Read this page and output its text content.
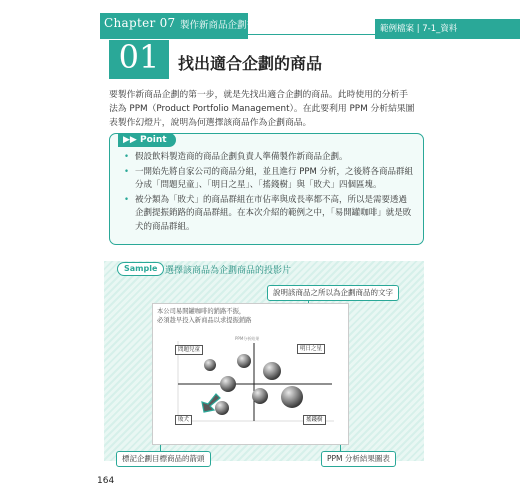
Chapter 07 製作新商品企劃書	範例檔案 | 7-1_資料
01	找出適合企劃的商品
要製作新商品企劃的第一步，就是先找出適合企劃的商品。此時使用的分析手法為 PPM（Product Portfolio Management）。在此要利用 PPM 分析結果圖表製作幻燈片，說明為何選擇該商品作為企劃商品。
▶▶ Point
• 假設飲料製造商的商品企劃負責人準備製作新商品企劃。
• 一開始先將自家公司的商品分組，並且進行 PPM 分析，之後將各商品群組分成「問題兒童」、「明日之星」、「搖錢樹」與「敗犬」四個區塊。
• 被分類為「敗犬」的商品群組在市佔率與成長率都不高，所以是需要透過企劃提振銷路的商品群組。在本次介紹的範例之中，「易開罐咖啡」就是敗犬的商品群組。
Sample 選擇該商品為企劃商品的投影片
說明該商品之所以為企劃商品的文字
本公司易開罐咖啡的銷路不振，
必須趁早投入新商品以求提振銷路
PPM分析結果
問題兒童	明日之星
敗犬	搖錢樹
標記企劃目標商品的箭頭	PPM 分析結果圖表
164
